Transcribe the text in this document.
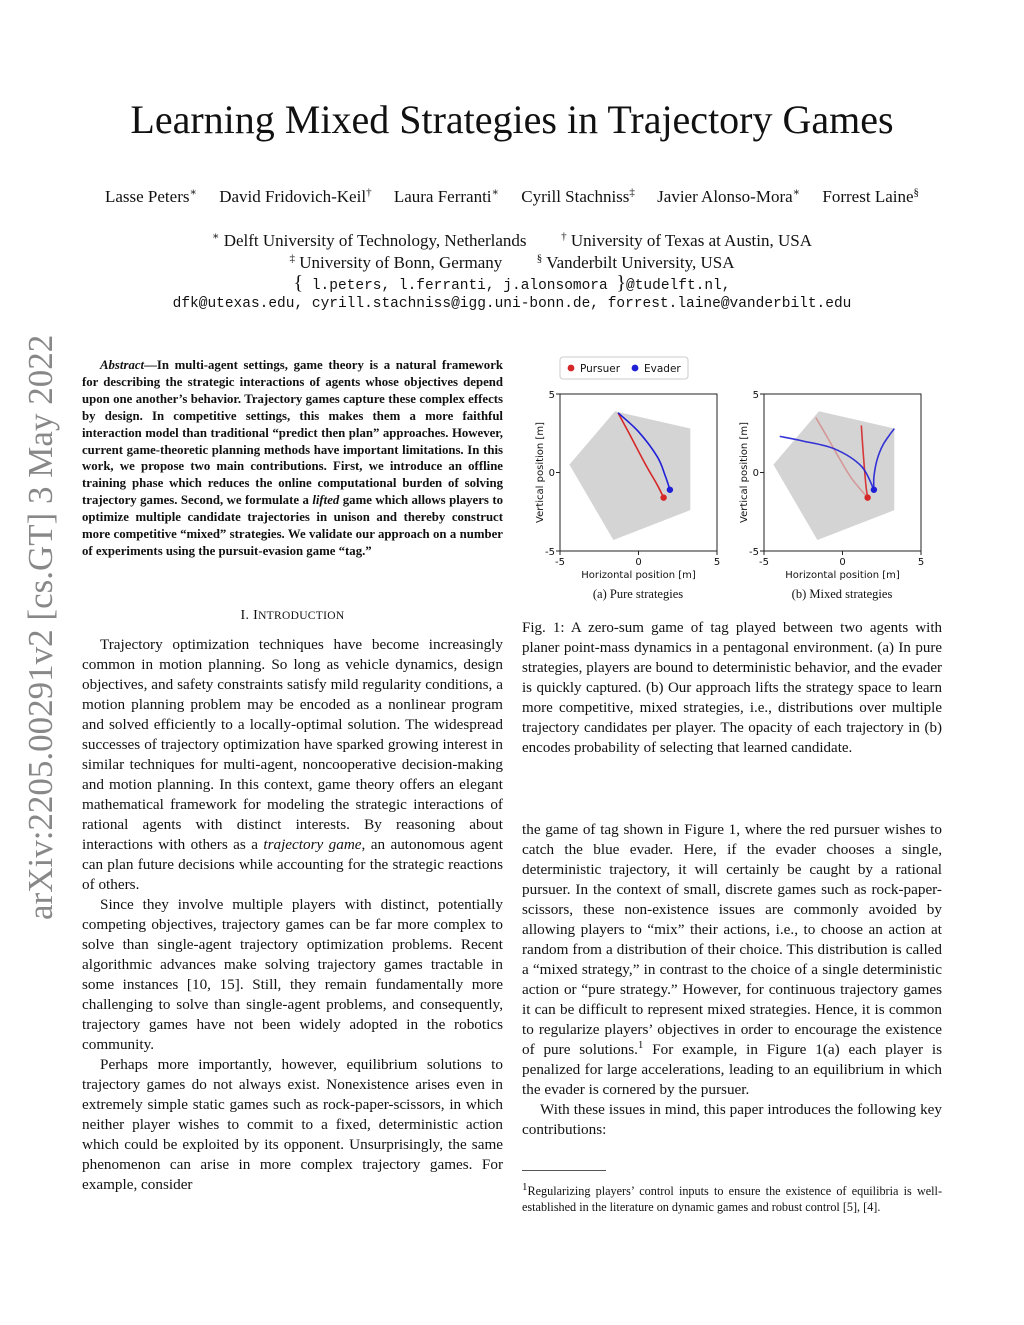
Learning Mixed Strategies in Trajectory Games
Lasse Peters∗ David Fridovich-Keil† Laura Ferranti∗ Cyrill Stachniss‡ Javier Alonso-Mora∗ Forrest Laine§
∗ Delft University of Technology, Netherlands	† University of Texas at Austin, USA
‡ University of Bonn, Germany	§ Vanderbilt University, USA
{ l.peters, l.ferranti, j.alonsomora }@tudelft.nl,
dfk@utexas.edu, cyrill.stachniss@igg.uni-bonn.de, forrest.laine@vanderbilt.edu
arXiv:2205.00291v2 [cs.GT] 3 May 2022	Abstract—In multi-agent settings, game theory is a natural framework for describing the strategic interactions of agents whose objectives depend upon one another’s behavior. Trajectory games capture these complex effects by design. In competitive settings, this makes them a more faithful interaction model than traditional “predict then plan” approaches. However, current game-theoretic planning methods have important limitations. In this work, we propose two main contributions. First, we introduce an offline training phase which reduces the online computational burden of solving trajectory games. Second, we formulate a lifted game which allows players to optimize multiple candidate trajectories in unison and thereby construct more competitive “mixed” strategies. We validate our approach on a number of experiments using the pursuit-evasion game “tag.”
I. INTRODUCTION

Trajectory optimization techniques have become increasingly common in motion planning. So long as vehicle dynamics, design objectives, and safety constraints satisfy mild regularity conditions, a motion planning problem may be encoded as a nonlinear program and solved efficiently to a locally-optimal solution. The widespread successes of trajectory optimization have sparked growing interest in similar techniques for multi-agent, noncooperative decision-making and motion planning. In this context, game theory offers an elegant mathematical framework for modeling the strategic interactions of rational agents with distinct interests. By reasoning about interactions with others as a trajectory game, an autonomous agent can plan future decisions while accounting for the strategic reactions of others.

Since they involve multiple players with distinct, potentially competing objectives, trajectory games can be far more complex to solve than single-agent trajectory optimization problems. Recent algorithmic advances make solving trajectory games tractable in some instances [10, 15]. Still, they remain fundamentally more challenging to solve than single-agent problems, and consequently, trajectory games have not been widely adopted in the robotics community.

Perhaps more importantly, however, equilibrium solutions to trajectory games do not always exist. Nonexistence arises even in extremely simple static games such as rock-paper-scissors, in which neither player wishes to commit to a fixed, deterministic action which could be exploited by its opponent. Unsurprisingly, the same phenomenon can arise in more complex trajectory games. For example, consider

Pursuer Evader
-5	0	5
5
0
-5
Horizontal position [m]
Vertical position [m]
-5	0	5
5
0
-5
Horizontal position [m]
Vertical position [m]
(a) Pure strategies	(b) Mixed strategies
Fig. 1: A zero-sum game of tag played between two agents with planer point-mass dynamics in a pentagonal environment. (a) In pure strategies, players are bound to deterministic behavior, and the evader is quickly captured. (b) Our approach lifts the strategy space to learn more competitive, mixed strategies, i.e., distributions over multiple trajectory candidates per player. The opacity of each trajectory in (b) encodes probability of selecting that learned candidate.

the game of tag shown in Figure 1, where the red pursuer wishes to catch the blue evader. Here, if the evader chooses a single, deterministic trajectory, it will certainly be caught by a rational pursuer. In the context of small, discrete games such as rock-paper-scissors, these non-existence issues are commonly avoided by allowing players to “mix” their actions, i.e., to choose an action at random from a distribution of their choice. This distribution is called a “mixed strategy,” in contrast to the choice of a single deterministic action or “pure strategy.” However, for continuous trajectory games it can be difficult to represent mixed strategies. Hence, it is common to regularize players’ objectives in order to encourage the existence of pure solutions.$^1$ For example, in Figure 1(a) each player is penalized for large accelerations, leading to an equilibrium in which the evader is cornered by the pursuer.

With these issues in mind, this paper introduces the following key contributions:

$^1$Regularizing players’ control inputs to ensure the existence of equilibria is well-established in the literature on dynamic games and robust control [5], [4].
